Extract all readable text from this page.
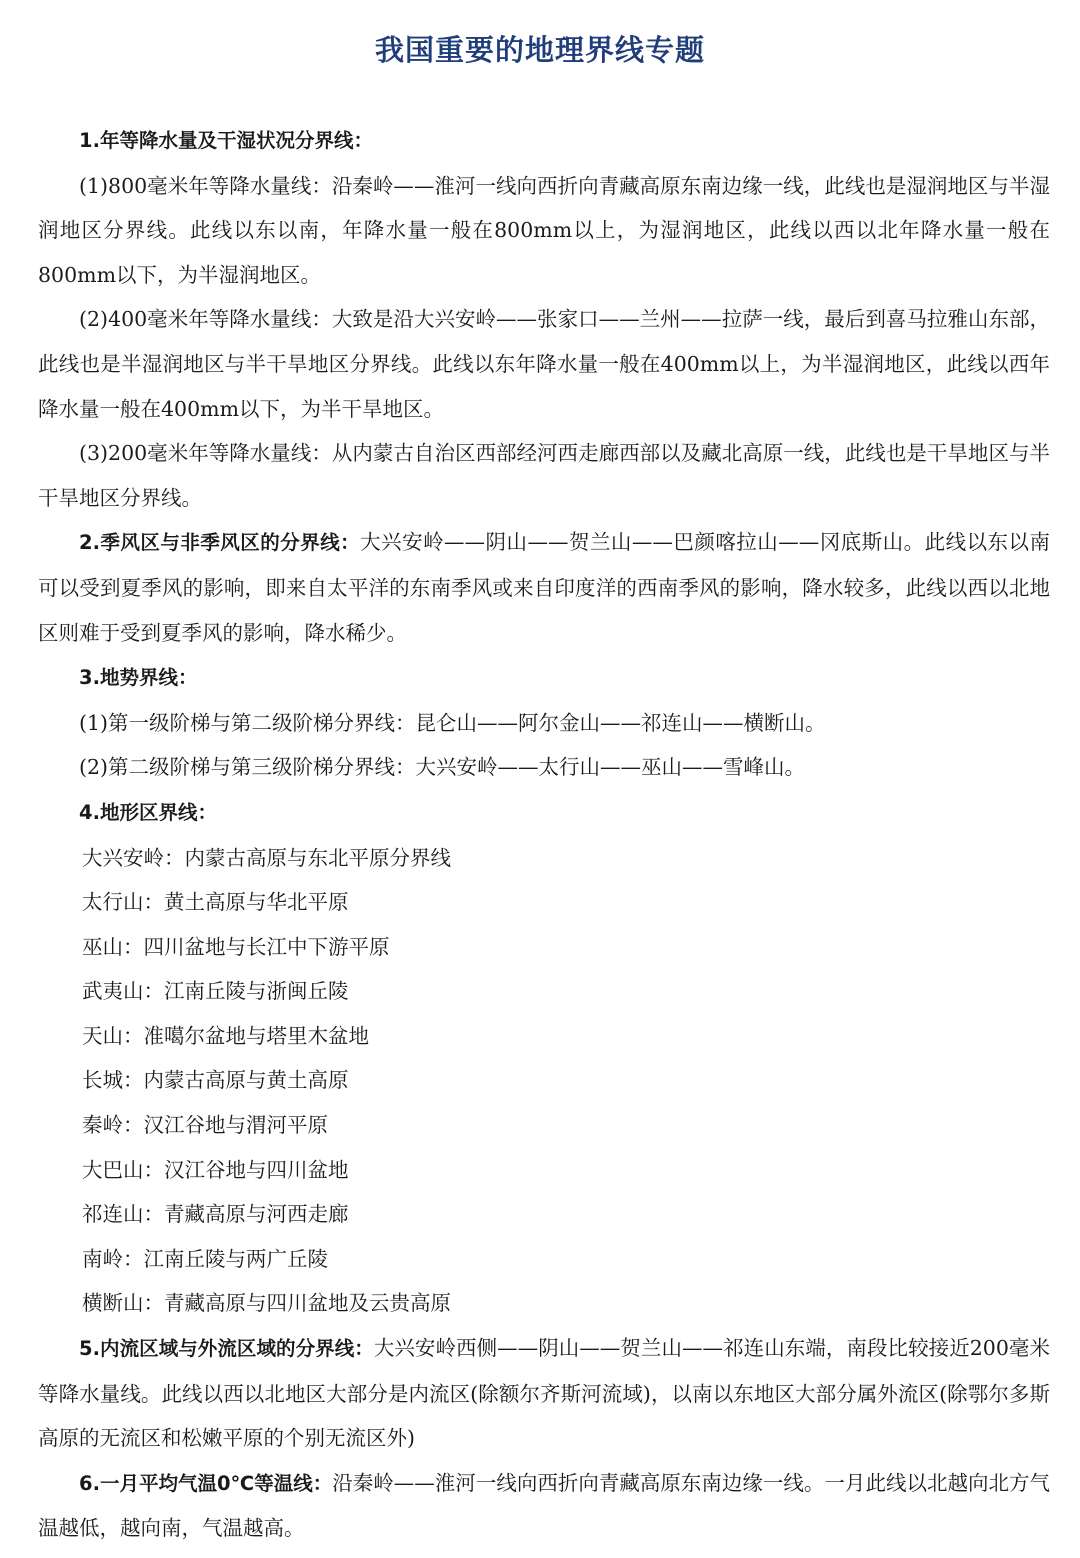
我国重要的地理界线专题

1.年等降水量及干湿状况分界线：

(1)800毫米年等降水量线：沿秦岭——淮河一线向西折向青藏高原东南边缘一线，此线也是湿润地区与半湿润地区分界线。此线以东以南，年降水量一般在800mm以上，为湿润地区，此线以西以北年降水量一般在800mm以下，为半湿润地区。

(2)400毫米年等降水量线：大致是沿大兴安岭——张家口——兰州——拉萨一线，最后到喜马拉雅山东部，此线也是半湿润地区与半干旱地区分界线。此线以东年降水量一般在400mm以上，为半湿润地区，此线以西年降水量一般在400mm以下，为半干旱地区。

(3)200毫米年等降水量线：从内蒙古自治区西部经河西走廊西部以及藏北高原一线，此线也是干旱地区与半干旱地区分界线。

2.季风区与非季风区的分界线：大兴安岭——阴山——贺兰山——巴颜喀拉山——冈底斯山。此线以东以南可以受到夏季风的影响，即来自太平洋的东南季风或来自印度洋的西南季风的影响，降水较多，此线以西以北地区则难于受到夏季风的影响，降水稀少。

3.地势界线：

(1)第一级阶梯与第二级阶梯分界线：昆仑山——阿尔金山——祁连山——横断山。

(2)第二级阶梯与第三级阶梯分界线：大兴安岭——太行山——巫山——雪峰山。

4.地形区界线：

大兴安岭：内蒙古高原与东北平原分界线

太行山：黄土高原与华北平原

巫山：四川盆地与长江中下游平原

武夷山：江南丘陵与浙闽丘陵

天山：准噶尔盆地与塔里木盆地

长城：内蒙古高原与黄土高原

秦岭：汉江谷地与渭河平原

大巴山：汉江谷地与四川盆地

祁连山：青藏高原与河西走廊

南岭：江南丘陵与两广丘陵

横断山：青藏高原与四川盆地及云贵高原

5.内流区域与外流区域的分界线：大兴安岭西侧——阴山——贺兰山——祁连山东端，南段比较接近200毫米等降水量线。此线以西以北地区大部分是内流区(除额尔齐斯河流域)，以南以东地区大部分属外流区(除鄂尔多斯高原的无流区和松嫩平原的个别无流区外)

6.一月平均气温0℃等温线：沿秦岭——淮河一线向西折向青藏高原东南边缘一线。一月此线以北越向北方气温越低，越向南，气温越高。
